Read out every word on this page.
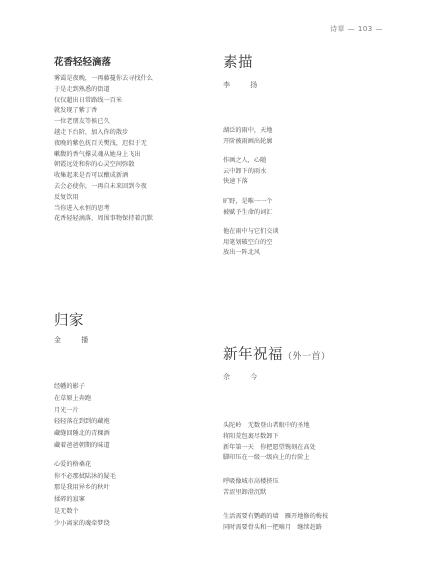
诗草 — 103 —
花香轻轻滴落
雾霭是夜晚，一再藤蔓你去寻找什么
于是走到熟悉的街道
仅仅超出日常路线一百米
就发现了紫丁香
一位老朋友等候已久
越走下台阶，加入你的散步
夜晚的紫色抚百关樊浅，迟似于无
嗽馥的香气撑灵魂从她身上飞出
朝霞远处和你的心灵空间弥散
收集起来是否可以酿成新酒
去会必使你，一再自未来回到今夜
反复饮用
当你进入永恒的思考
花香轻轻滴落，周围事物保持着沉默
素描
李 扬
湖泛的雨中，天地
开阶被雨画出轮廓
作画之人，心随
云中卸下的雨水
快速下落
旷野，是唯一一个
被赋予生命的词汇
他在雨中与它们交谈
用笔划破空白的空
放出一阵北风
归家
金 播
经幡的影子
在草原上奔跑
月光一片
轻轻落在到到的藏袍
藏缝回陲北的青稞酒
藏着爸爸朝期的味道
心爱的格桑花
你不必那拭陆沐的疑毛
那是我用异乡的秋叶
揉碎的寂寥
是无数个
少小离家的魂牵梦绕
新年祝福（外一首）
佘 今
头陀岭　无数登山者眼中的圣地
将阳荒包裹尽数卸下
新年第一天　你把愿望镌刻在高处
脚印压在一级一级向上的台阶上
呼吸像城市高楼挤压
苦涩里卸澄沉默
生活需要有鹦鹉的墙　雁开地修的梅枝
同时需要骨头和一把嘀月　继续赶路
